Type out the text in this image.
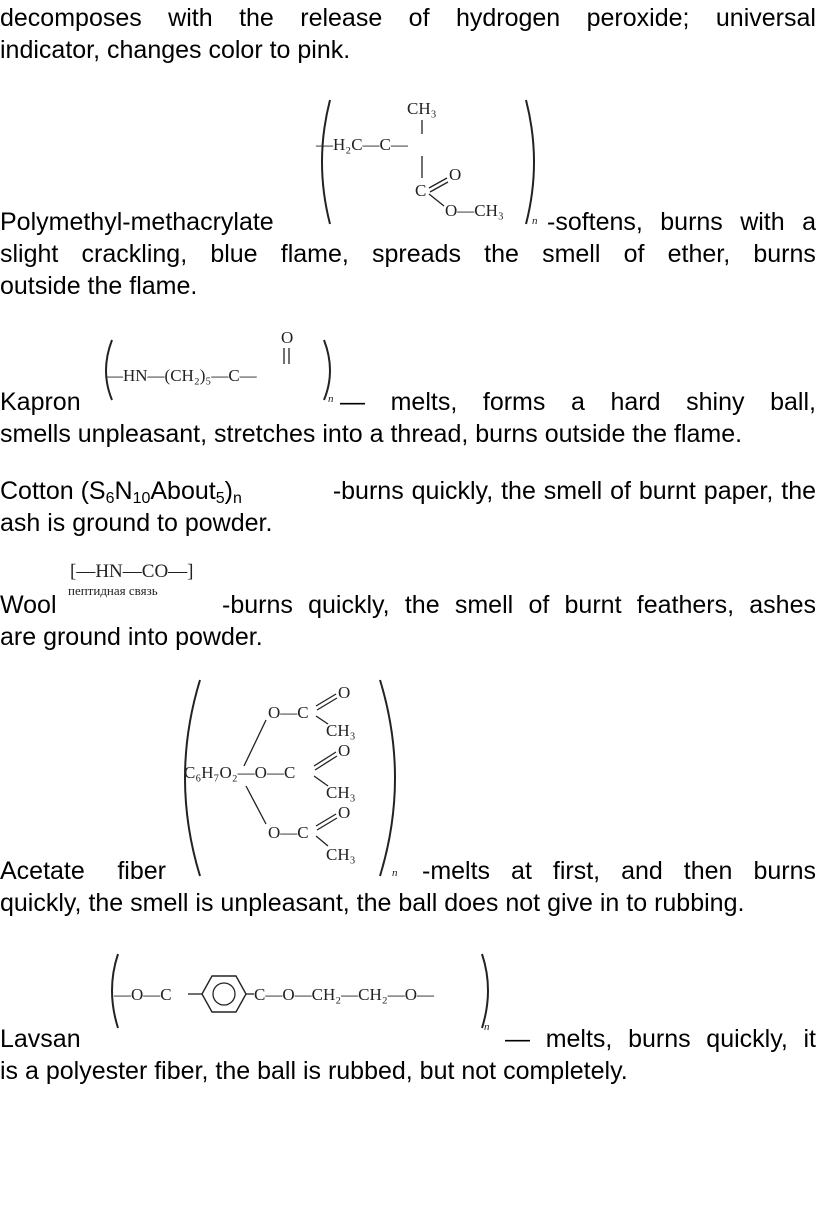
decomposes with the release of hydrogen peroxide; universal
indicator, changes color to pink.
CH₃
—H₂C—C—
C
O
O—CH₃
n
Polymethyl-methacrylate	-softens, burns with a
slight crackling, blue flame, spreads the smell of ether, burns
outside the flame.
O
—HN—(CH₂)₅—C—
n
Kapron	— melts, forms a hard shiny ball,
smells unpleasant, stretches into a thread, burns outside the flame.
Cotton $(S_6N_{10}About_5)_n$	-burns quickly, the smell of burnt paper, the
ash is ground to powder.
[—HN—CO—]
пептидная связь
Wool	-burns quickly, the smell of burnt feathers, ashes
are ground into powder.
O—C
O
CH₃
C₆H₇O₂—O—C
O
CH₃
O—C
O
CH₃
n
Acetate fiber	-melts at first, and then burns
quickly, the smell is unpleasant, the ball does not give in to rubbing.
—O—C	C—O—CH₂—CH₂—O—
n
Lavsan	— melts, burns quickly, it
is a polyester fiber, the ball is rubbed, but not completely.
